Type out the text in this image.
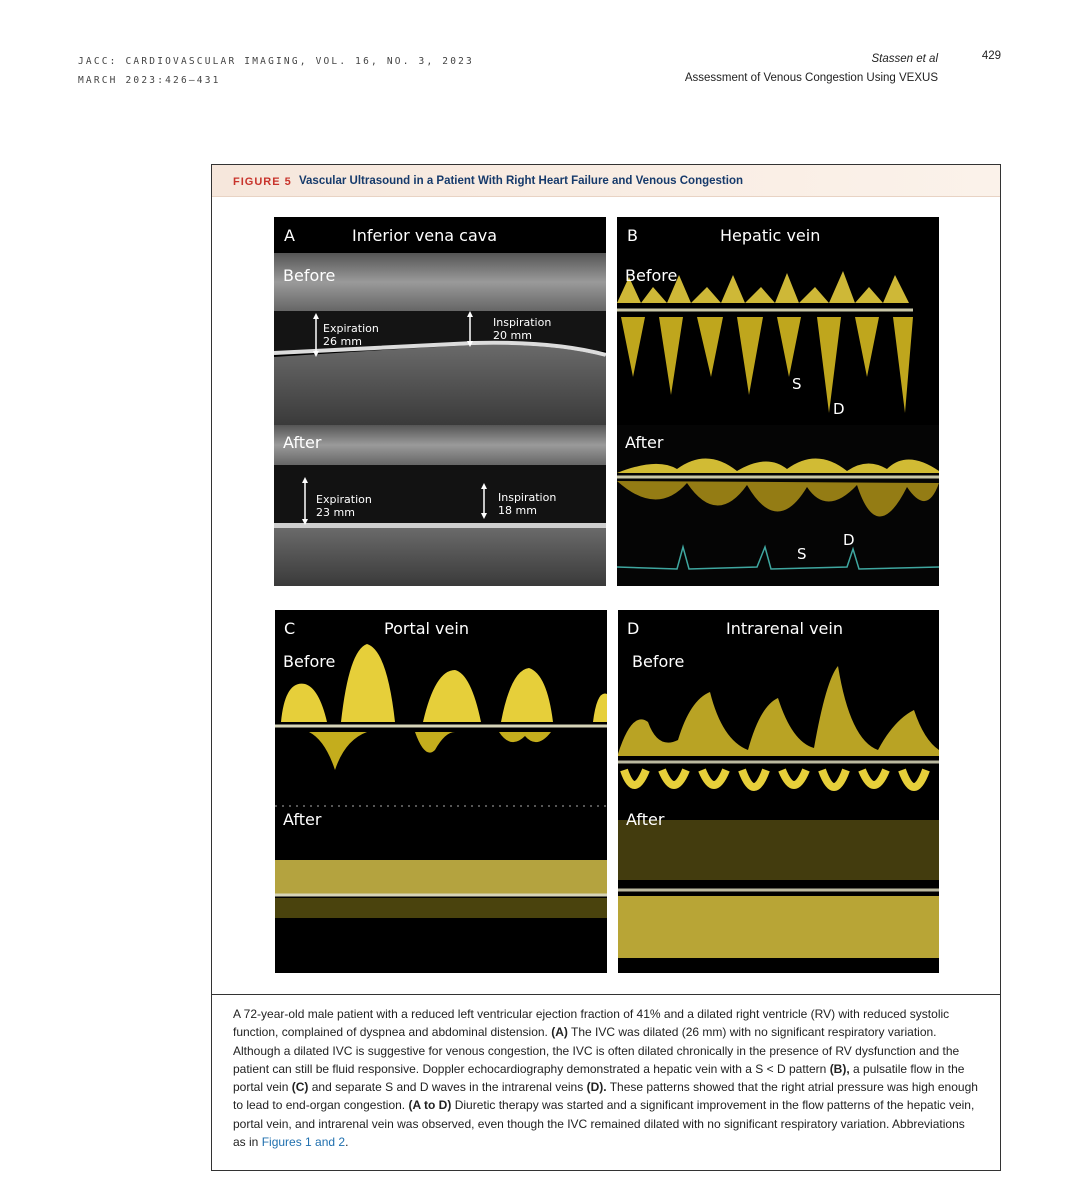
JACC: CARDIOVASCULAR IMAGING, VOL. 16, NO. 3, 2023
MARCH 2023:426–431
Stassen et al
Assessment of Venous Congestion Using VEXUS
429
FIGURE 5 Vascular Ultrasound in a Patient With Right Heart Failure and Venous Congestion
A	Inferior vena cava
Before
After
Expiration
26 mm
Inspiration
20 mm
Expiration
23 mm
Inspiration
18 mm
B	Hepatic vein
Before
After
S
D
S
D
C	Portal vein
Before
After
D	Intrarenal vein
Before
After
A 72-year-old male patient with a reduced left ventricular ejection fraction of 41% and a dilated right ventricle (RV) with reduced systolic function, complained of dyspnea and abdominal distension. (A) The IVC was dilated (26 mm) with no significant respiratory variation. Although a dilated IVC is suggestive for venous congestion, the IVC is often dilated chronically in the presence of RV dysfunction and the patient can still be fluid responsive. Doppler echocardiography demonstrated a hepatic vein with a S < D pattern (B), a pulsatile flow in the portal vein (C) and separate S and D waves in the intrarenal veins (D). These patterns showed that the right atrial pressure was high enough to lead to end-organ congestion. (A to D) Diuretic therapy was started and a significant improvement in the flow patterns of the hepatic vein, portal vein, and intrarenal vein was observed, even though the IVC remained dilated with no significant respiratory variation. Abbreviations as in Figures 1 and 2.
